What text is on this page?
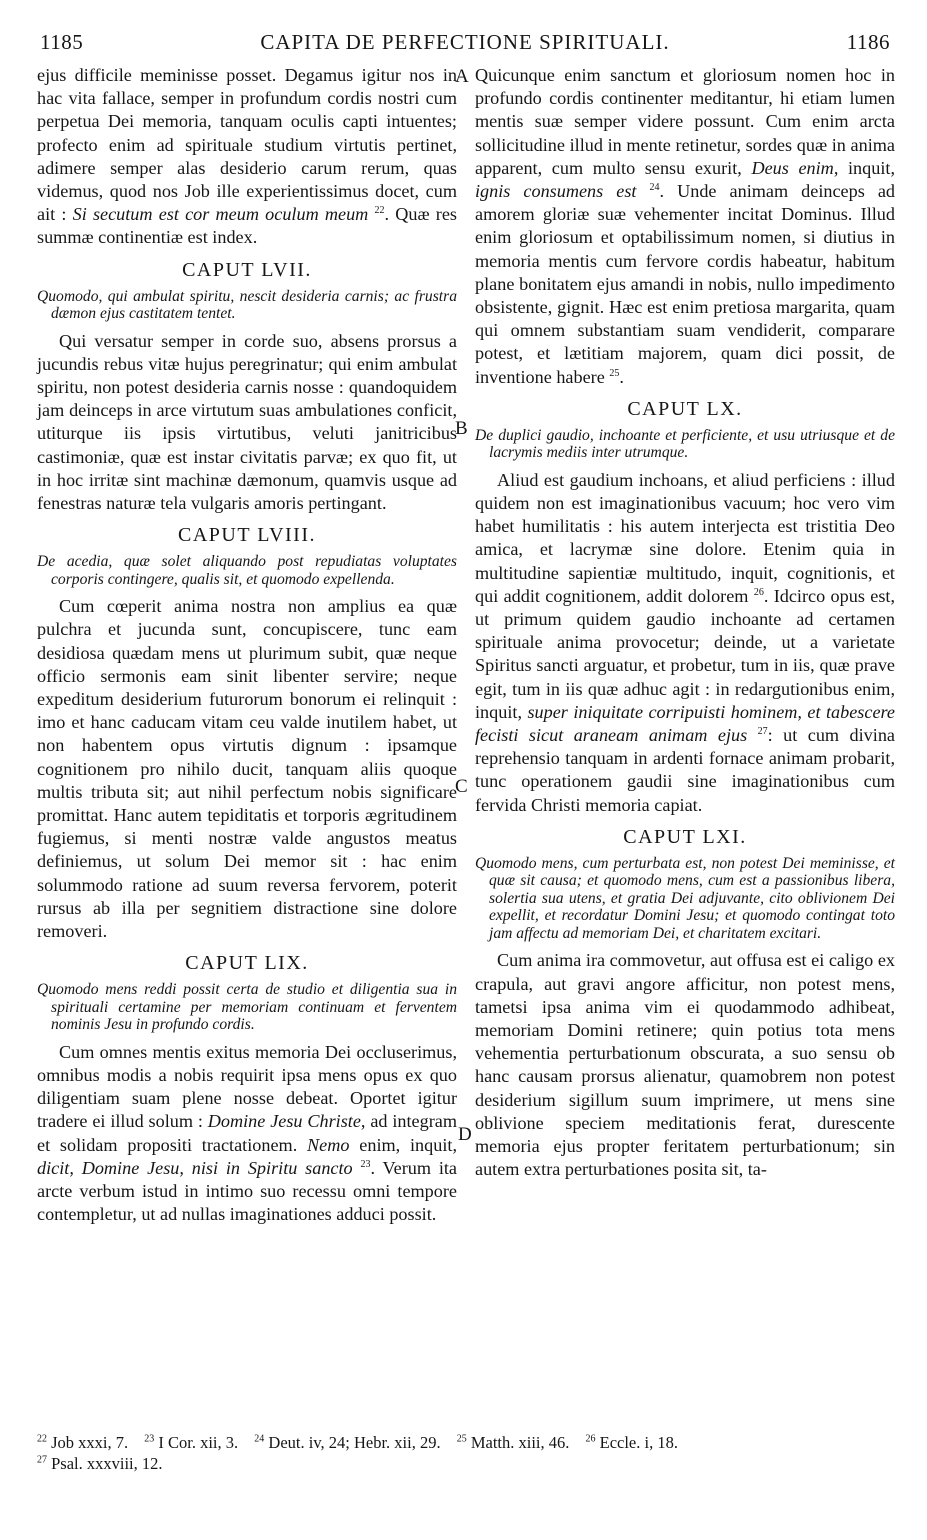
1185	CAPITA DE PERFECTIONE SPIRITUALI.	1186

ejus difficile meminisse posset. Degamus igitur nos in hac vita fallace, semper in profundum cordis nostri cum perpetua Dei memoria, tanquam oculis capti intuentes; profecto enim ad spirituale studium virtutis pertinet, adimere semper alas desiderio carum rerum, quas videmus, quod nos Job ille experientissimus docet, cum ait : Si secutum est cor meum oculum meum $^{22}$. Quæ res summæ continentiæ est index.

CAPUT LVII.

Quomodo, qui ambulat spiritu, nescit desideria carnis; ac frustra dæmon ejus castitatem tentet.

Qui versatur semper in corde suo, absens prorsus a jucundis rebus vitæ hujus peregrinatur; qui enim ambulat spiritu, non potest desideria carnis nosse : quandoquidem jam deinceps in arce virtutum suas ambulationes conficit, utiturque iis ipsis virtutibus, veluti janitricibus castimoniæ, quæ est instar civitatis parvæ; ex quo fit, ut in hoc irritæ sint machinæ dæmonum, quamvis usque ad fenestras naturæ tela vulgaris amoris pertingant.

CAPUT LVIII.

De acedia, quæ solet aliquando post repudiatas voluptates corporis contingere, qualis sit, et quomodo expellenda.

Cum cœperit anima nostra non amplius ea quæ pulchra et jucunda sunt, concupiscere, tunc eam desidiosa quædam mens ut plurimum subit, quæ neque officio sermonis eam sinit libenter servire; neque expeditum desiderium futurorum bonorum ei relinquit : imo et hanc caducam vitam ceu valde inutilem habet, ut non habentem opus virtutis dignum : ipsamque cognitionem pro nihilo ducit, tanquam aliis quoque multis tributa sit; aut nihil perfectum nobis significare promittat. Hanc autem tepiditatis et torporis ægritudinem fugiemus, si menti nostræ valde angustos meatus definiemus, ut solum Dei memor sit : hac enim solummodo ratione ad suum reversa fervorem, poterit rursus ab illa per segnitiem distractione sine dolore removeri.

CAPUT LIX.

Quomodo mens reddi possit certa de studio et diligentia sua in spirituali certamine per memoriam continuam et ferventem nominis Jesu in profundo cordis.

Cum omnes mentis exitus memoria Dei occluserimus, omnibus modis a nobis requirit ipsa mens opus ex quo diligentiam suam plene nosse debeat. Oportet igitur tradere ei illud solum : Domine Jesu Christe, ad integram et solidam propositi tractationem. Nemo enim, inquit, dicit, Domine Jesu, nisi in Spiritu sancto $^{23}$. Verum ita arcte verbum istud in intimo suo recessu omni tempore contempletur, ut ad nullas imaginationes adduci possit.

Quicunque enim sanctum et gloriosum nomen hoc in profundo cordis continenter meditantur, hi etiam lumen mentis suæ semper videre possunt. Cum enim arcta sollicitudine illud in mente retinetur, sordes quæ in anima apparent, cum multo sensu exurit, Deus enim, inquit, ignis consumens est $^{24}$. Unde animam deinceps ad amorem gloriæ suæ vehementer incitat Dominus. Illud enim gloriosum et optabilissimum nomen, si diutius in memoria mentis cum fervore cordis habeatur, habitum plane bonitatem ejus amandi in nobis, nullo impedimento obsistente, gignit. Hæc est enim pretiosa margarita, quam qui omnem substantiam suam vendiderit, comparare potest, et lætitiam majorem, quam dici possit, de inventione habere $^{25}$.

CAPUT LX.

De duplici gaudio, inchoante et perficiente, et usu utriusque et de lacrymis mediis inter utrumque.

Aliud est gaudium inchoans, et aliud perficiens : illud quidem non est imaginationibus vacuum; hoc vero vim habet humilitatis : his autem interjecta est tristitia Deo amica, et lacrymæ sine dolore. Etenim quia in multitudine sapientiæ multitudo, inquit, cognitionis, et qui addit cognitionem, addit dolorem $^{26}$. Idcirco opus est, ut primum quidem gaudio inchoante ad certamen spirituale anima provocetur; deinde, ut a varietate Spiritus sancti arguatur, et probetur, tum in iis, quæ prave egit, tum in iis quæ adhuc agit : in redargutionibus enim, inquit, super iniquitate corripuisti hominem, et tabescere fecisti sicut araneam animam ejus $^{27}$: ut cum divina reprehensio tanquam in ardenti fornace animam probarit, tunc operationem gaudii sine imaginationibus cum fervida Christi memoria capiat.

CAPUT LXI.

Quomodo mens, cum perturbata est, non potest Dei meminisse, et quæ sit causa; et quomodo mens, cum est a passionibus libera, solertia sua utens, et gratia Dei adjuvante, cito oblivionem Dei expellit, et recordatur Domini Jesu; et quomodo contingat toto jam affectu ad memoriam Dei, et charitatem excitari.

Cum anima ira commovetur, aut offusa est ei caligo ex crapula, aut gravi angore afficitur, non potest mens, tametsi ipsa anima vim ei quodammodo adhibeat, memoriam Domini retinere; quin potius tota mens vehementia perturbationum obscurata, a suo sensu ob hanc causam prorsus alienatur, quamobrem non potest desiderium sigillum suum imprimere, ut mens sine oblivione speciem meditationis ferat, durescente memoria ejus propter feritatem perturbationum; sin autem extra perturbationes posita sit, ta-

A
B
C
D
$^{22}$ Job xxxi, 7. $^{23}$ I Cor. xii, 3. $^{24}$ Deut. iv, 24; Hebr. xii, 29. $^{25}$ Matth. xiii, 46. $^{26}$ Eccle. i, 18.
$^{27}$ Psal. xxxviii, 12.
